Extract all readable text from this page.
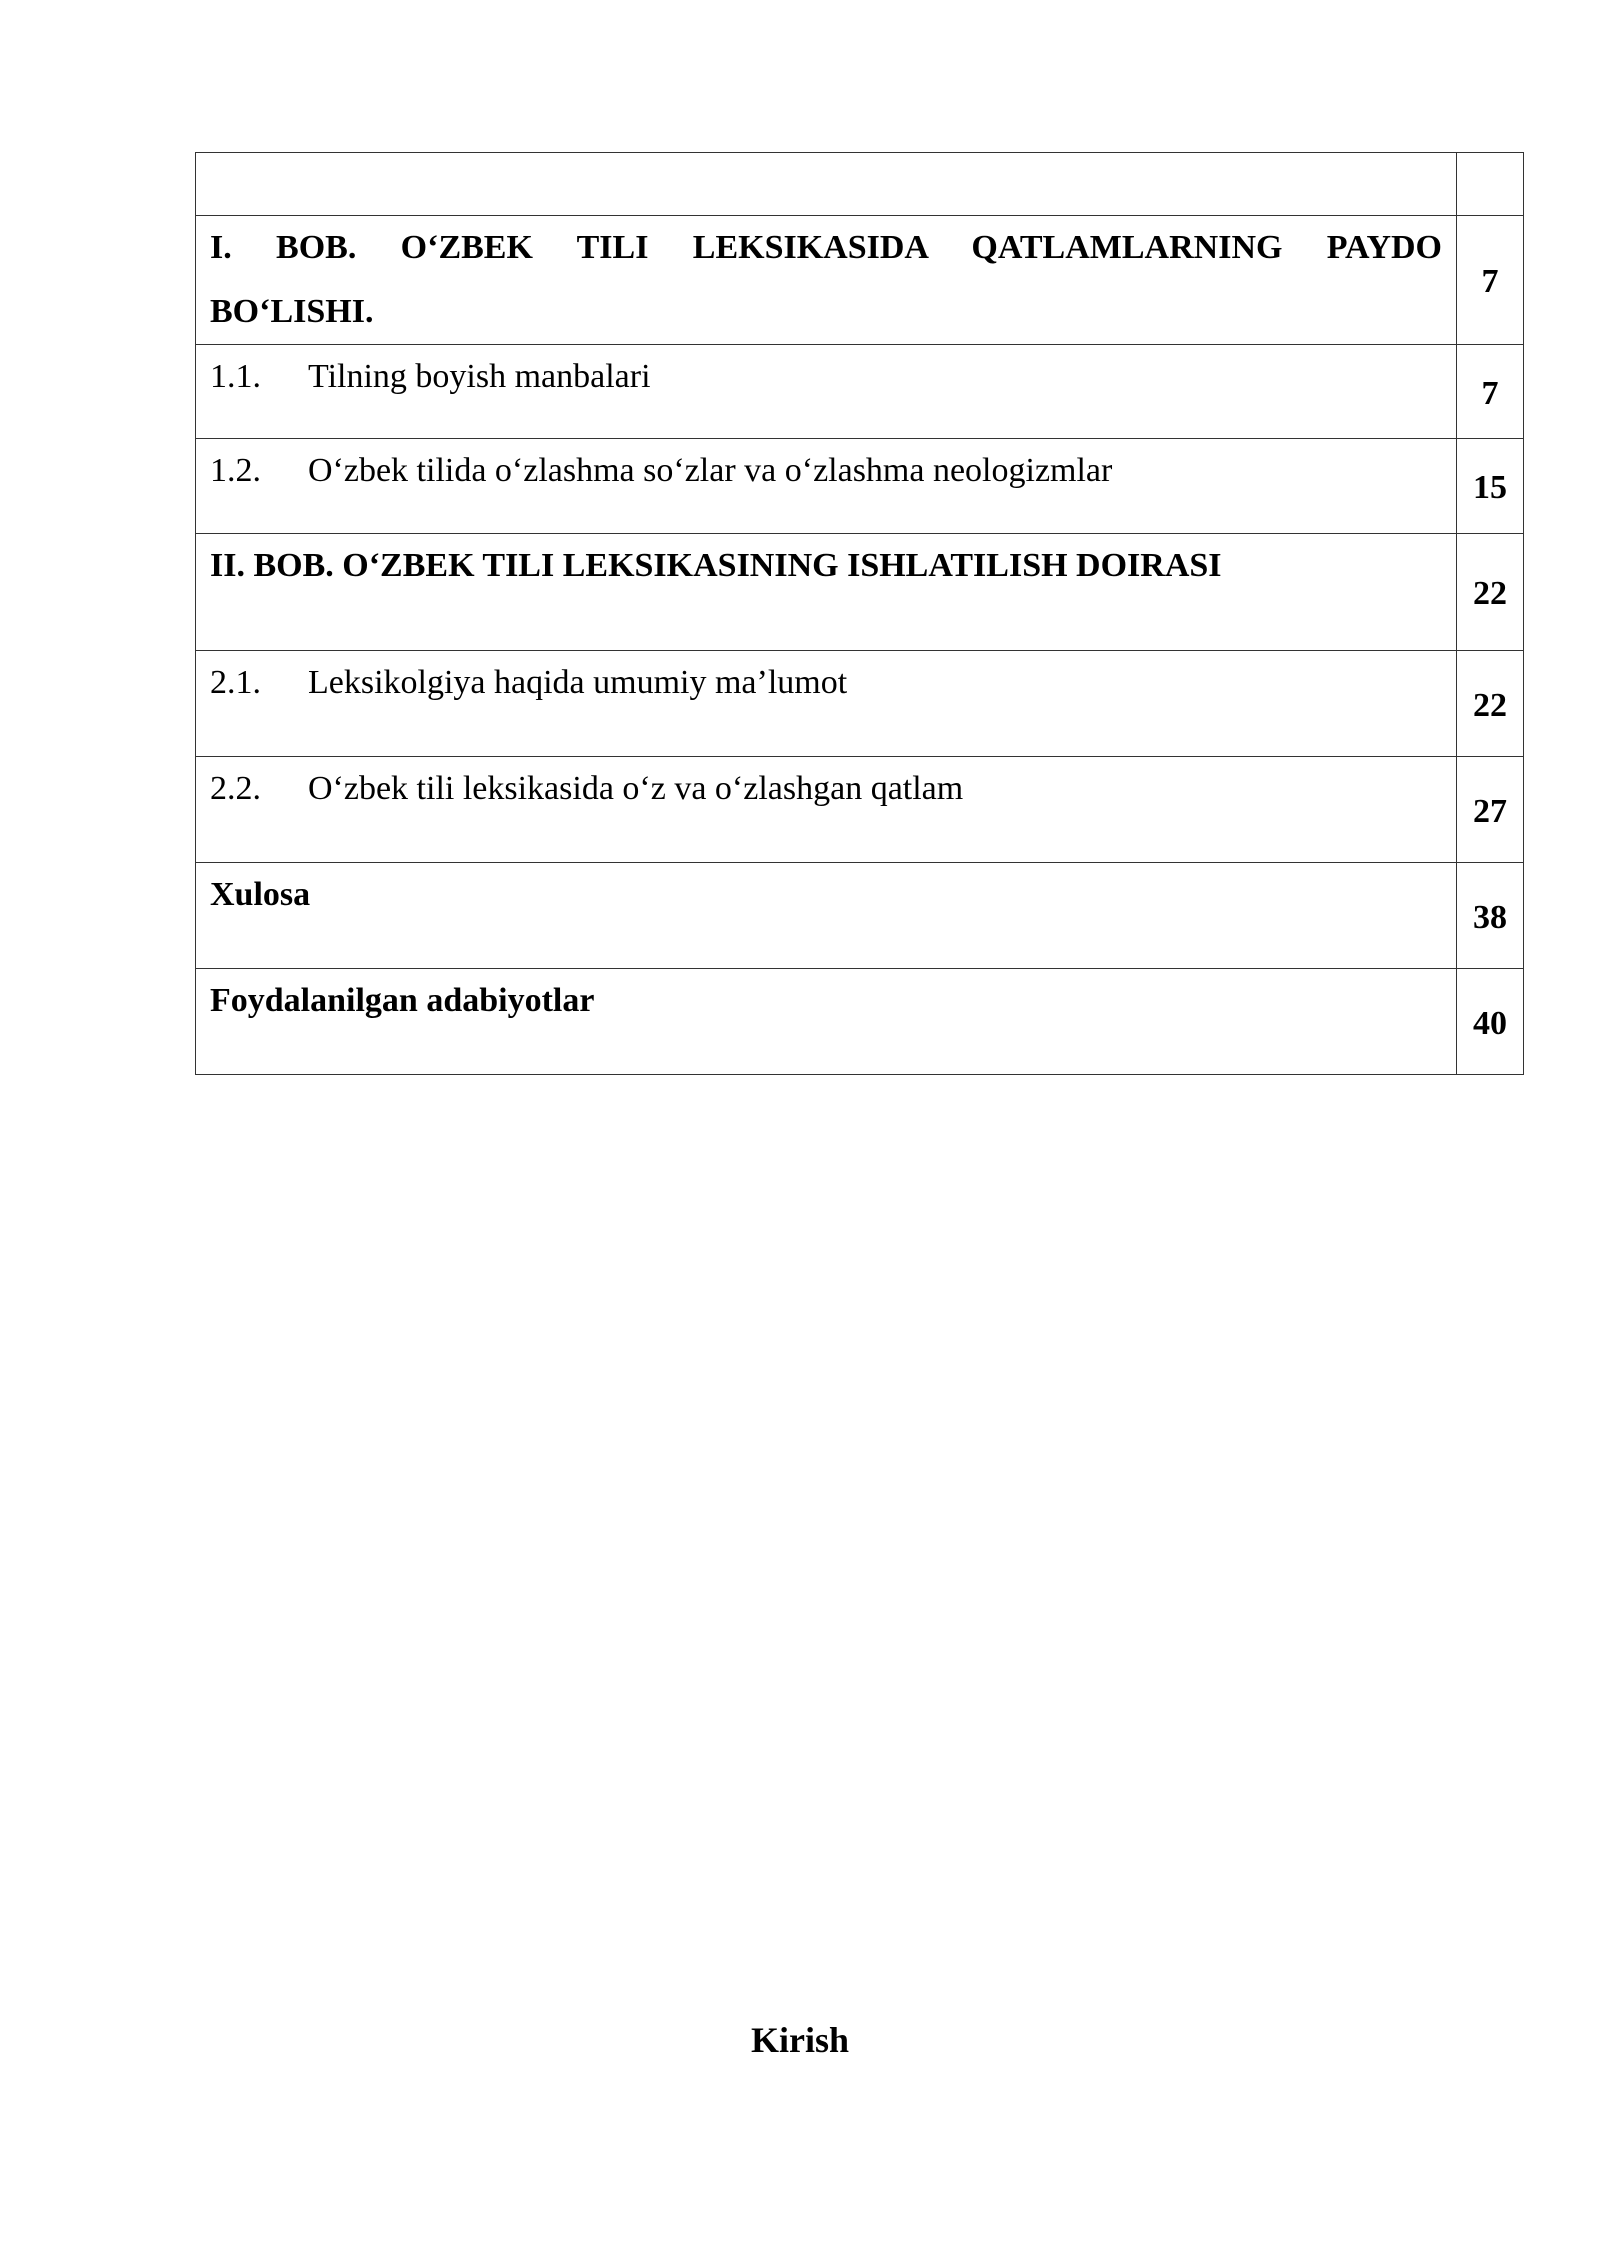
I. BOB. O‘ZBEK TILI LEKSIKASIDA QATLAMLARNING PAYDO BO‘LISHI.	7
1.1. Tilning boyish manbalari	7
1.2. O‘zbek tilida o‘zlashma so‘zlar va o‘zlashma neologizmlar	15
II. BOB. O‘ZBEK TILI LEKSIKASINING ISHLATILISH DOIRASI	22
2.1. Leksikolgiya haqida umumiy ma’lumot	22
2.2. O‘zbek tili leksikasida o‘z va o‘zlashgan qatlam	27
Xulosa	38
Foydalanilgan adabiyotlar	40
Kirish
